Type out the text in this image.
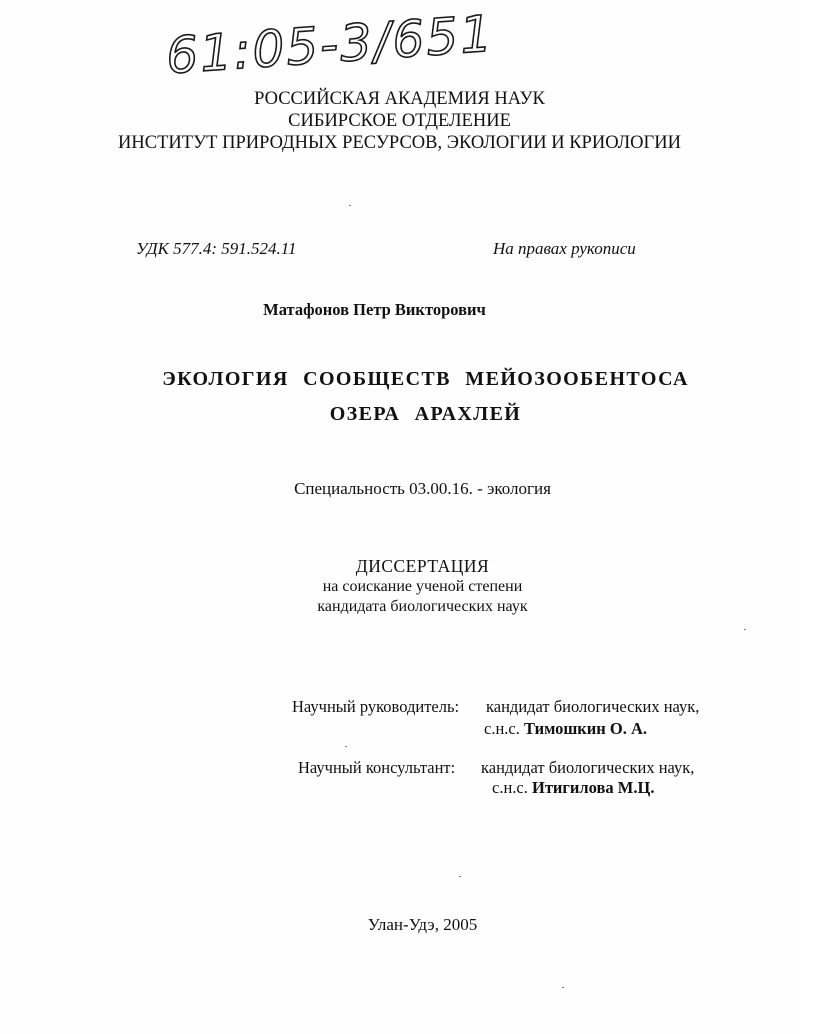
61:05-3/651
РОССИЙСКАЯ АКАДЕМИЯ НАУК
СИБИРСКОЕ ОТДЕЛЕНИЕ
ИНСТИТУТ ПРИРОДНЫХ РЕСУРСОВ, ЭКОЛОГИИ И КРИОЛОГИИ
УДК 577.4: 591.524.11	На правах рукописи
Матафонов Петр Викторович
ЭКОЛОГИЯ СООБЩЕСТВ МЕЙОЗООБЕНТОСА
ОЗЕРА АРАХЛЕЙ
Специальность 03.00.16. - экология
ДИССЕРТАЦИЯ
на соискание ученой степени
кандидата биологических наук
Научный руководитель: кандидат биологических наук,
с.н.с. Тимошкин О. А.
Научный консультант: кандидат биологических наук,
с.н.с. Итигилова М.Ц.
Улан-Удэ, 2005
